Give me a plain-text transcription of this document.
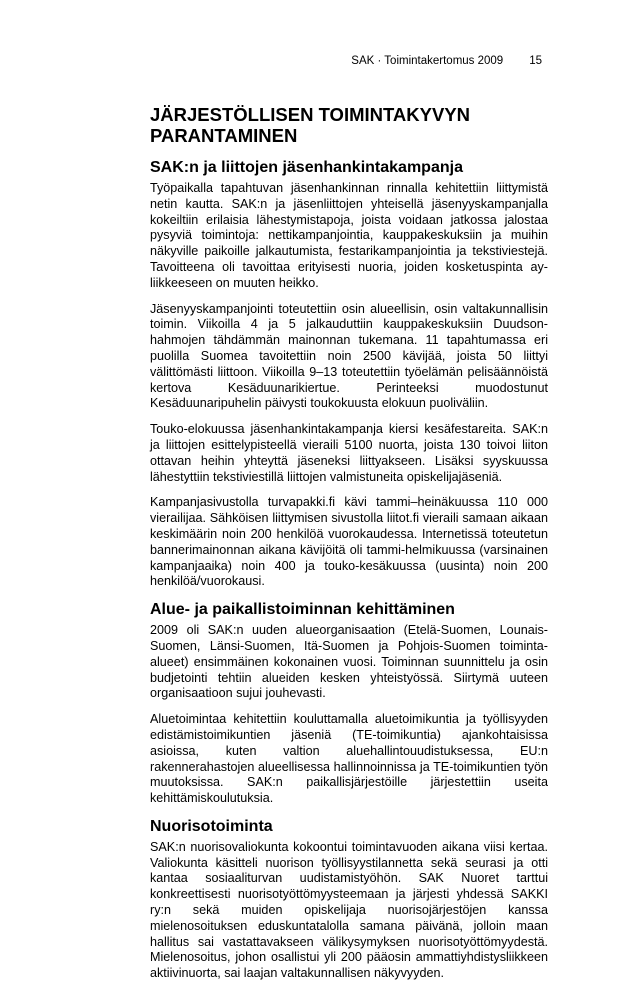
SAK · Toimintakertomus 2009 15
JÄRJESTÖLLISEN TOIMINTAKYVYN PARANTAMINEN
SAK:n ja liittojen jäsenhankintakampanja

Työpaikalla tapahtuvan jäsenhankinnan rinnalla kehitettiin liittymistä netin kautta. SAK:n ja jäsenliittojen yhteisellä jäsenyyskampanjalla kokeiltiin erilaisia lähestymistapoja, joista voidaan jatkossa jalostaa pysyviä toimintoja: nettikampanjointia, kauppakeskuksiin ja muihin näkyville paikoille jalkautumista, festarikampanjointia ja tekstiviestejä. Tavoitteena oli tavoittaa erityisesti nuoria, joiden kosketuspinta ay-liikkeeseen on muuten heikko.

Jäsenyyskampanjointi toteutettiin osin alueellisin, osin valtakunnallisin toimin. Viikoilla 4 ja 5 jalkauduttiin kauppakeskuksiin Duudson-hahmojen tähdämmän mainonnan tukemana. 11 tapahtumassa eri puolilla Suomea tavoitettiin noin 2500 kävijää, joista 50 liittyi välittömästi liittoon. Viikoilla 9–13 toteutettiin työelämän pelisäännöistä kertova Kesäduunarikiertue. Perinteeksi muodostunut Kesäduunaripuhelin päivysti toukokuusta elokuun puoliväliin.

Touko-elokuussa jäsenhankintakampanja kiersi kesäfestareita. SAK:n ja liittojen esittelypisteellä vieraili 5100 nuorta, joista 130 toivoi liiton ottavan heihin yhteyttä jäseneksi liittyakseen. Lisäksi syyskuussa lähestyttiin tekstiviestillä liittojen valmistuneita opiskelijajäseniä.

Kampanjasivustolla turvapakki.fi kävi tammi–heinäkuussa 110 000 vierailijaa. Sähköisen liittymisen sivustolla liitot.fi vieraili samaan aikaan keskimäärin noin 200 henkilöä vuorokaudessa. Internetissä toteutetun bannerimainonnan aikana kävijöitä oli tammi-helmikuussa (varsinainen kampanjaaika) noin 400 ja touko-kesäkuussa (uusinta) noin 200 henkilöä/vuorokausi.

Alue- ja paikallistoiminnan kehittäminen

2009 oli SAK:n uuden alueorganisaation (Etelä-Suomen, Lounais-Suomen, Länsi-Suomen, Itä-Suomen ja Pohjois-Suomen toiminta-alueet) ensimmäinen kokonainen vuosi. Toiminnan suunnittelu ja osin budjetointi tehtiin alueiden kesken yhteistyössä. Siirtymä uuteen organisaatioon sujui jouhevasti.

Aluetoimintaa kehitettiin kouluttamalla aluetoimikuntia ja työllisyyden edistämistoimikuntien jäseniä (TE-toimikuntia) ajankohtaisissa asioissa, kuten valtion aluehallintouudistuksessa, EU:n rakennerahastojen alueellisessa hallinnoinnissa ja TE-toimikuntien työn muutoksissa. SAK:n paikallisjärjestöille järjestettiin useita kehittämiskoulutuksia.

Nuorisotoiminta

SAK:n nuorisovaliokunta kokoontui toimintavuoden aikana viisi kertaa. Valiokunta käsitteli nuorison työllisyystilannetta sekä seurasi ja otti kantaa sosiaaliturvan uudistamistyöhön. SAK Nuoret tarttui konkreettisesti nuorisotyöttömyysteemaan ja järjesti yhdessä SAKKI ry:n sekä muiden opiskelijaja nuorisojärjestöjen kanssa mielenosoituksen eduskuntatalolla samana päivänä, jolloin maan hallitus sai vastattavakseen välikysymyksen nuorisotyöttömyydestä. Mielenosoitus, johon osallistui yli 200 pääosin ammattiyhdistysliikkeen aktiivinuorta, sai laajan valtakunnallisen näkyvyyden.
